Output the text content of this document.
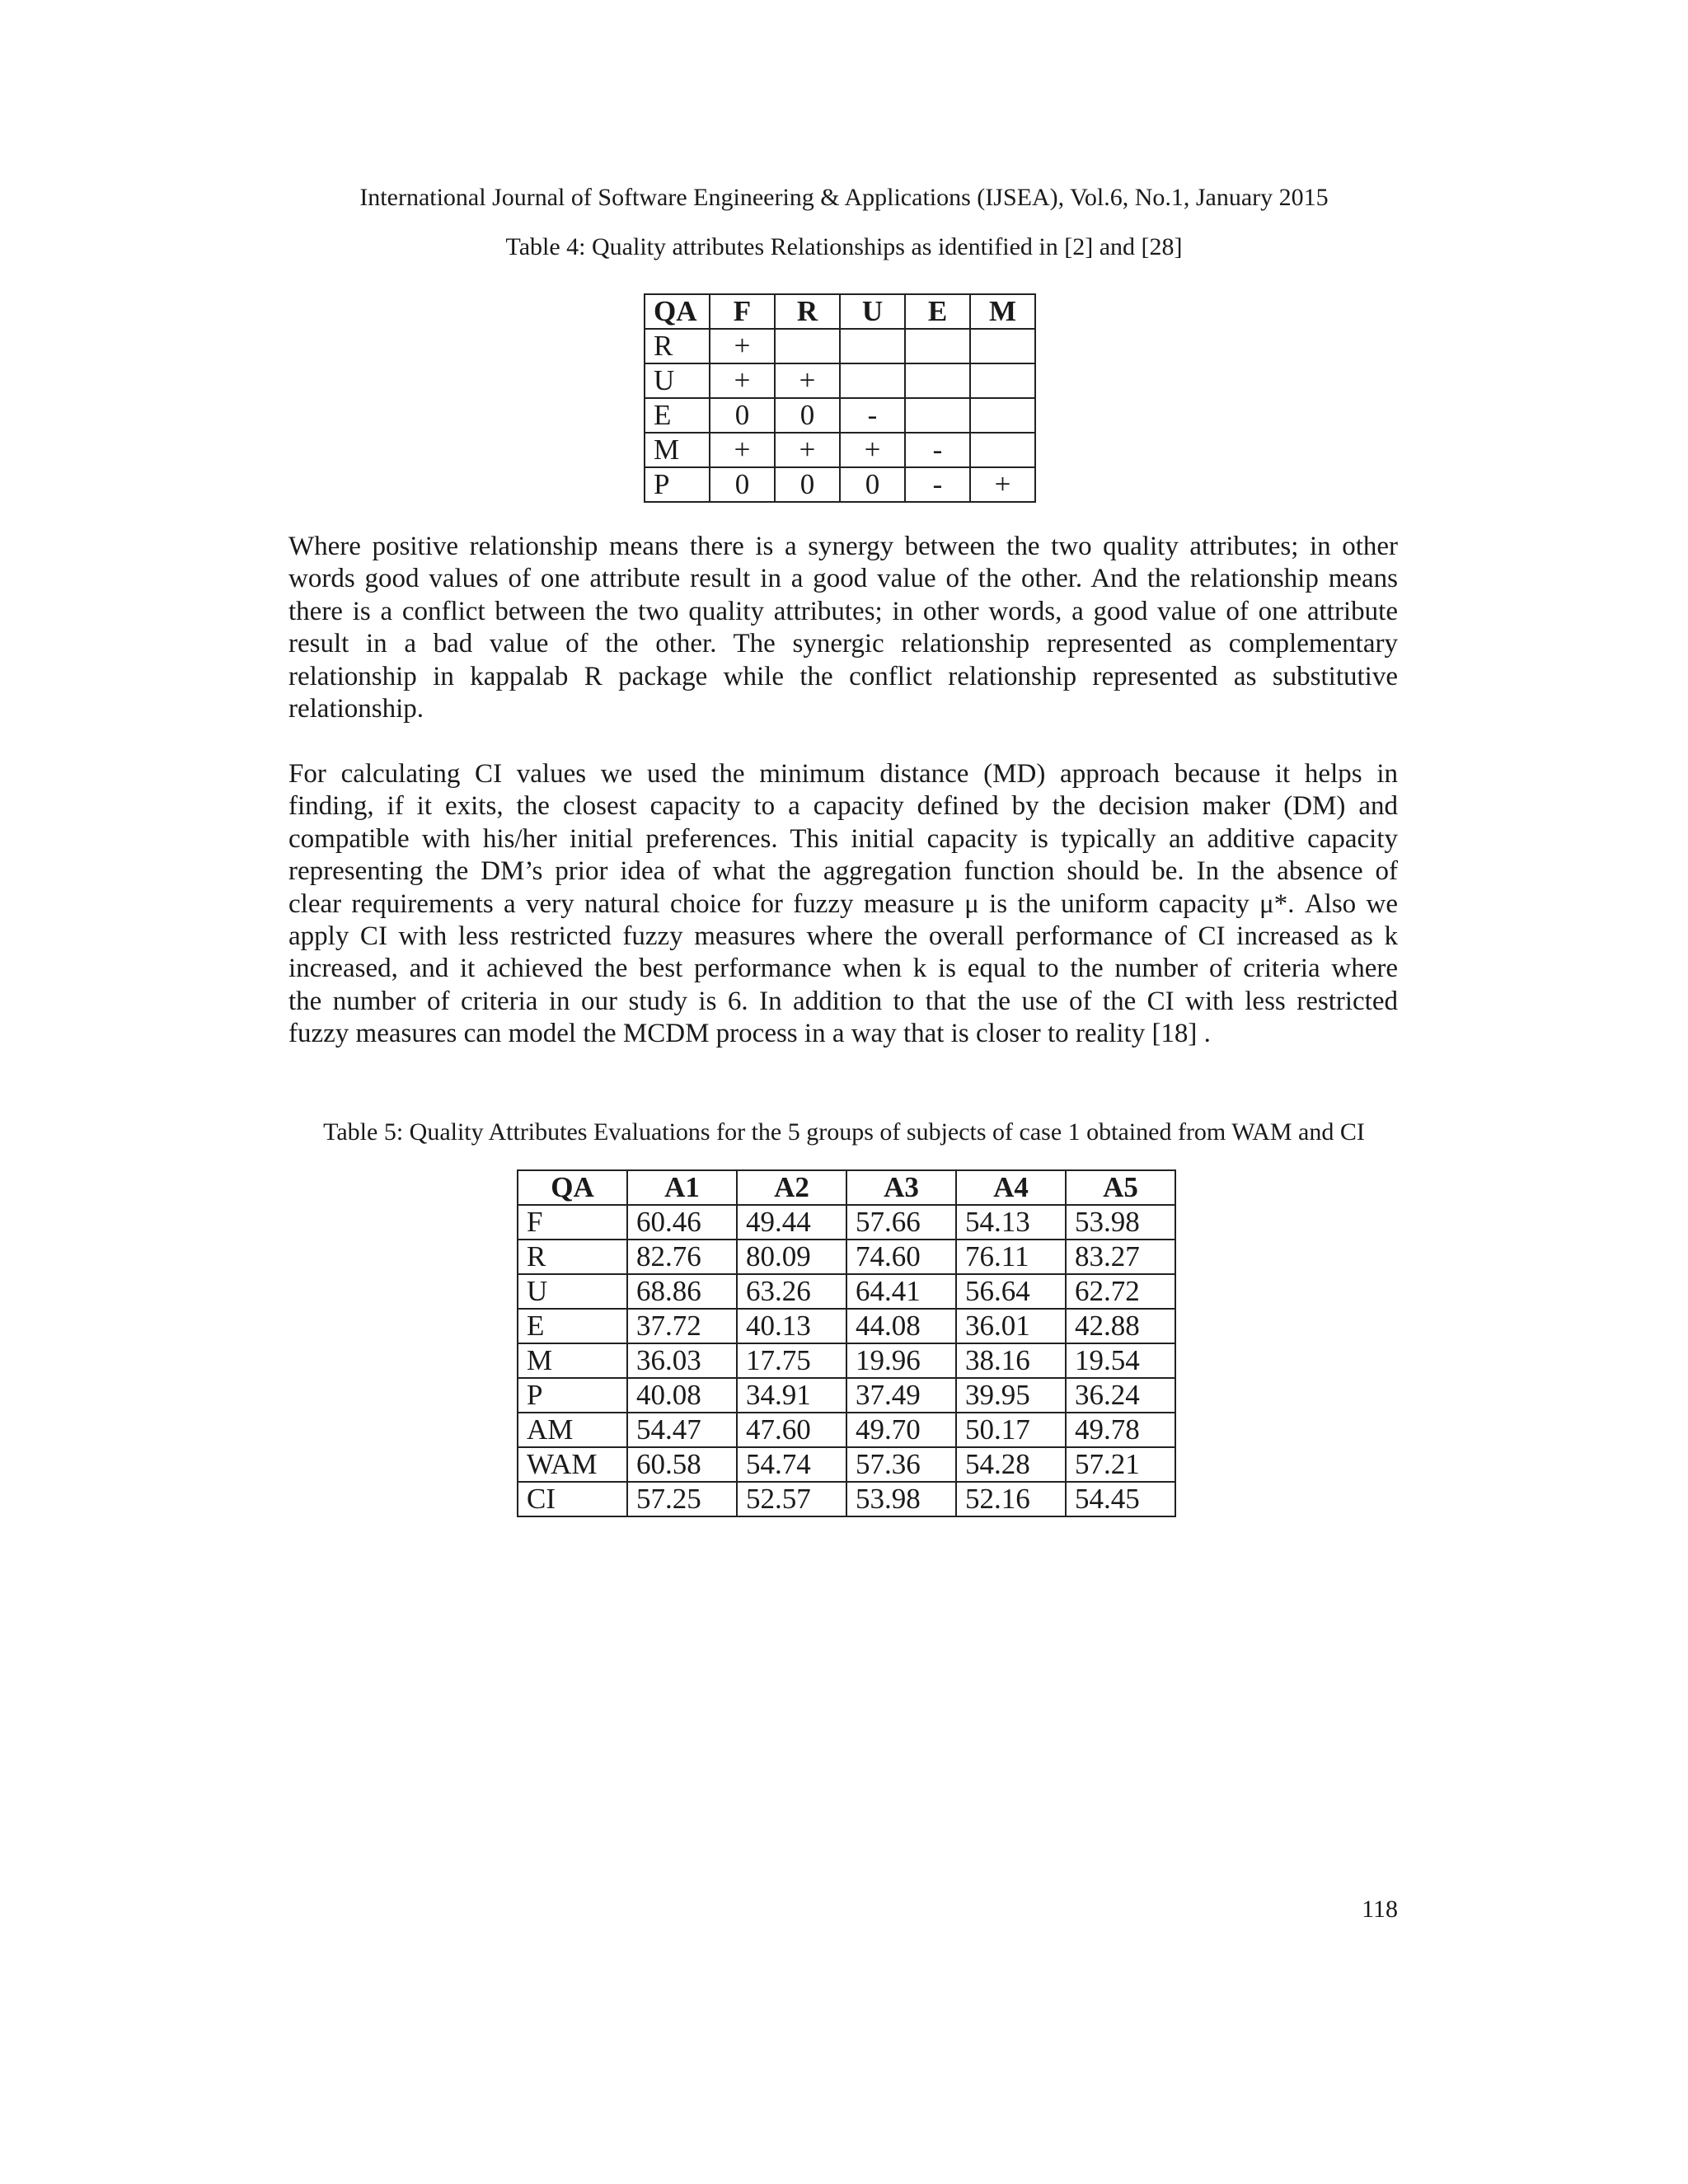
International Journal of Software Engineering & Applications (IJSEA), Vol.6, No.1, January 2015
Table 4: Quality attributes Relationships as identified in [2] and [28]
QA	F	R	U	E	M
R	+				
U	+	+			
E	0	0	-		
M	+	+	+	-	
P	0	0	0	-	+
Where positive relationship means there is a synergy between the two quality attributes; in other
words good values of one attribute result in a good value of the other. And the relationship means
there is a conflict between the two quality attributes; in other words, a good value of one attribute
result in a bad value of the other. The synergic relationship represented as complementary
relationship in kappalab R package while the conflict relationship represented as substitutive
relationship.
For calculating CI values we used the minimum distance (MD) approach because it helps in
finding, if it exits, the closest capacity to a capacity defined by the decision maker (DM) and
compatible with his/her initial preferences. This initial capacity is typically an additive capacity
representing the DM’s prior idea of what the aggregation function should be. In the absence of
clear requirements a very natural choice for fuzzy measure μ is the uniform capacity μ*. Also we
apply CI with less restricted fuzzy measures where the overall performance of CI increased as k
increased, and it achieved the best performance when k is equal to the number of criteria where
the number of criteria in our study is 6. In addition to that the use of the CI with less restricted
fuzzy measures can model the MCDM process in a way that is closer to reality [18] .
Table 5: Quality Attributes Evaluations for the 5 groups of subjects of case 1 obtained from WAM and CI
QA	A1	A2	A3	A4	A5
F	60.46	49.44	57.66	54.13	53.98
R	82.76	80.09	74.60	76.11	83.27
U	68.86	63.26	64.41	56.64	62.72
E	37.72	40.13	44.08	36.01	42.88
M	36.03	17.75	19.96	38.16	19.54
P	40.08	34.91	37.49	39.95	36.24
AM	54.47	47.60	49.70	50.17	49.78
WAM	60.58	54.74	57.36	54.28	57.21
CI	57.25	52.57	53.98	52.16	54.45
118
